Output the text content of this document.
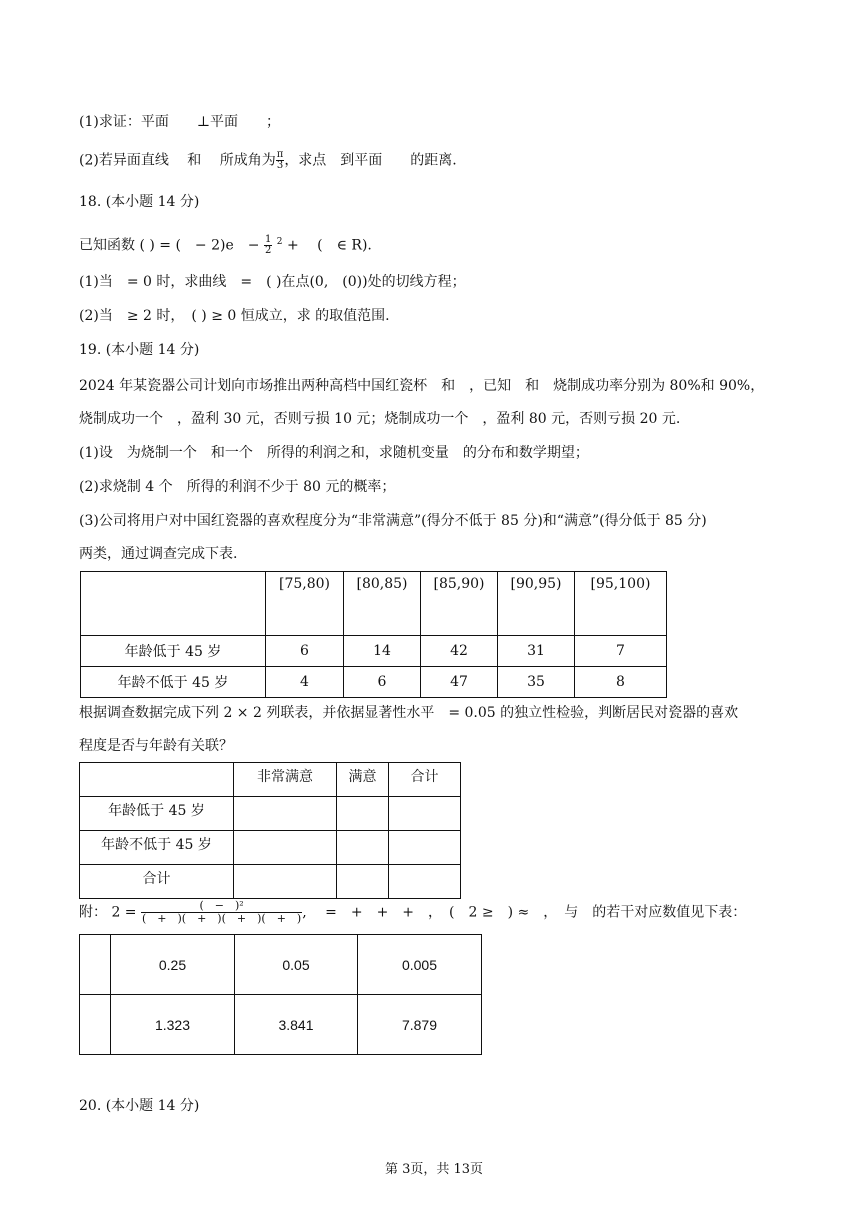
(1)求证：平面　　⊥平面　　；
(2)若异面直线　 和　 所成角为 $\frac{\pi}{3}$ ，求点　到平面　　的距离.
18. (本小题 14 分)
已知函数 ( ) = (　− 2)e　− $\frac{1}{2} ^2$ +　 (　∈ R).
(1)当　= 0 时，求曲线　=　( )在点(0,　(0))处的切线方程；
(2)当　≥ 2 时，　( ) ≥ 0 恒成立，求 的取值范围.
19. (本小题 14 分)
2024 年某瓷器公司计划向市场推出两种高档中国红瓷杯　和　，已知　和　烧制成功率分别为 80%和 90%，
烧制成功一个　，盈利 30 元，否则亏损 10 元；烧制成功一个　，盈利 80 元，否则亏损 20 元.
(1)设　为烧制一个　和一个　所得的利润之和，求随机变量　的分布和数学期望；
(2)求烧制 4 个　所得的利润不少于 80 元的概率；
(3)公司将用户对中国红瓷器的喜欢程度分为“非常满意”(得分不低于 85 分)和“满意”(得分低于 85 分)
两类，通过调查完成下表.
	[75,80)	[80,85)	[85,90)	[90,95)	[95,100)
年龄低于 45 岁	6	14	42	31	7
年龄不低于 45 岁	4	6	47	35	8
根据调查数据完成下列 2 × 2 列联表，并依据显著性水平　= 0.05 的独立性检验，判断居民对瓷器的喜欢
程度是否与年龄有关联？
	非常满意	满意	合计
年龄低于 45 岁			
年龄不低于 45 岁			
合计			
附： $2 = \frac{\text{(　−　)²}}{( + )( + )( + )( + )}$ ,　 =　+　+　+　，　(　2 ≥　) ≈　，　与　的若干对应数值见下表：
	0.25	0.05	0.005
	1.323	3.841	7.879
20. (本小题 14 分)
第 3页，共 13页
